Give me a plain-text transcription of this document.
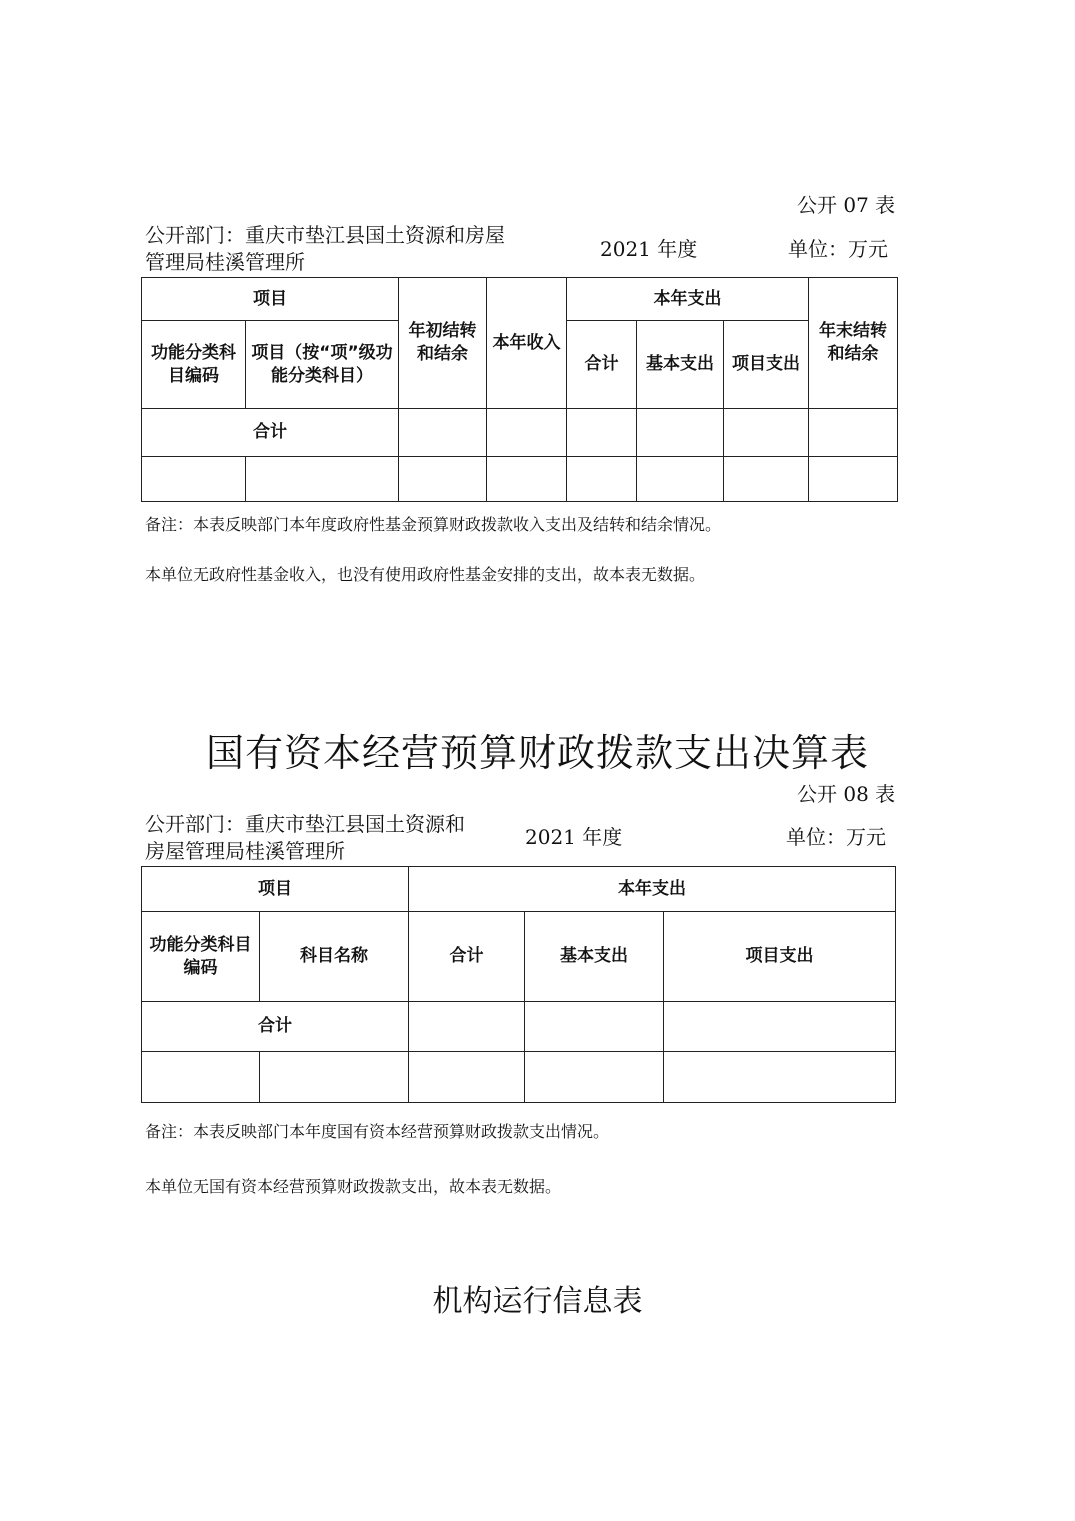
公开 07 表
公开部门：重庆市垫江县国土资源和房屋
管理局桂溪管理所
2021 年度	单位：万元
项目		年初结转和结余	本年收入	本年支出			年末结转和结余
功能分类科目编码	项目（按“项”级功能分类科目）			合计	基本支出	项目支出	
合计							

备注：本表反映部门本年度政府性基金预算财政拨款收入支出及结转和结余情况。
本单位无政府性基金收入，也没有使用政府性基金安排的支出，故本表无数据。
国有资本经营预算财政拨款支出决算表
公开 08 表
公开部门：重庆市垫江县国土资源和
房屋管理局桂溪管理所
2021 年度	单位：万元
项目		本年支出		
功能分类科目编码	科目名称	合计	基本支出	项目支出
合计				

备注：本表反映部门本年度国有资本经营预算财政拨款支出情况。
本单位无国有资本经营预算财政拨款支出，故本表无数据。
机构运行信息表
